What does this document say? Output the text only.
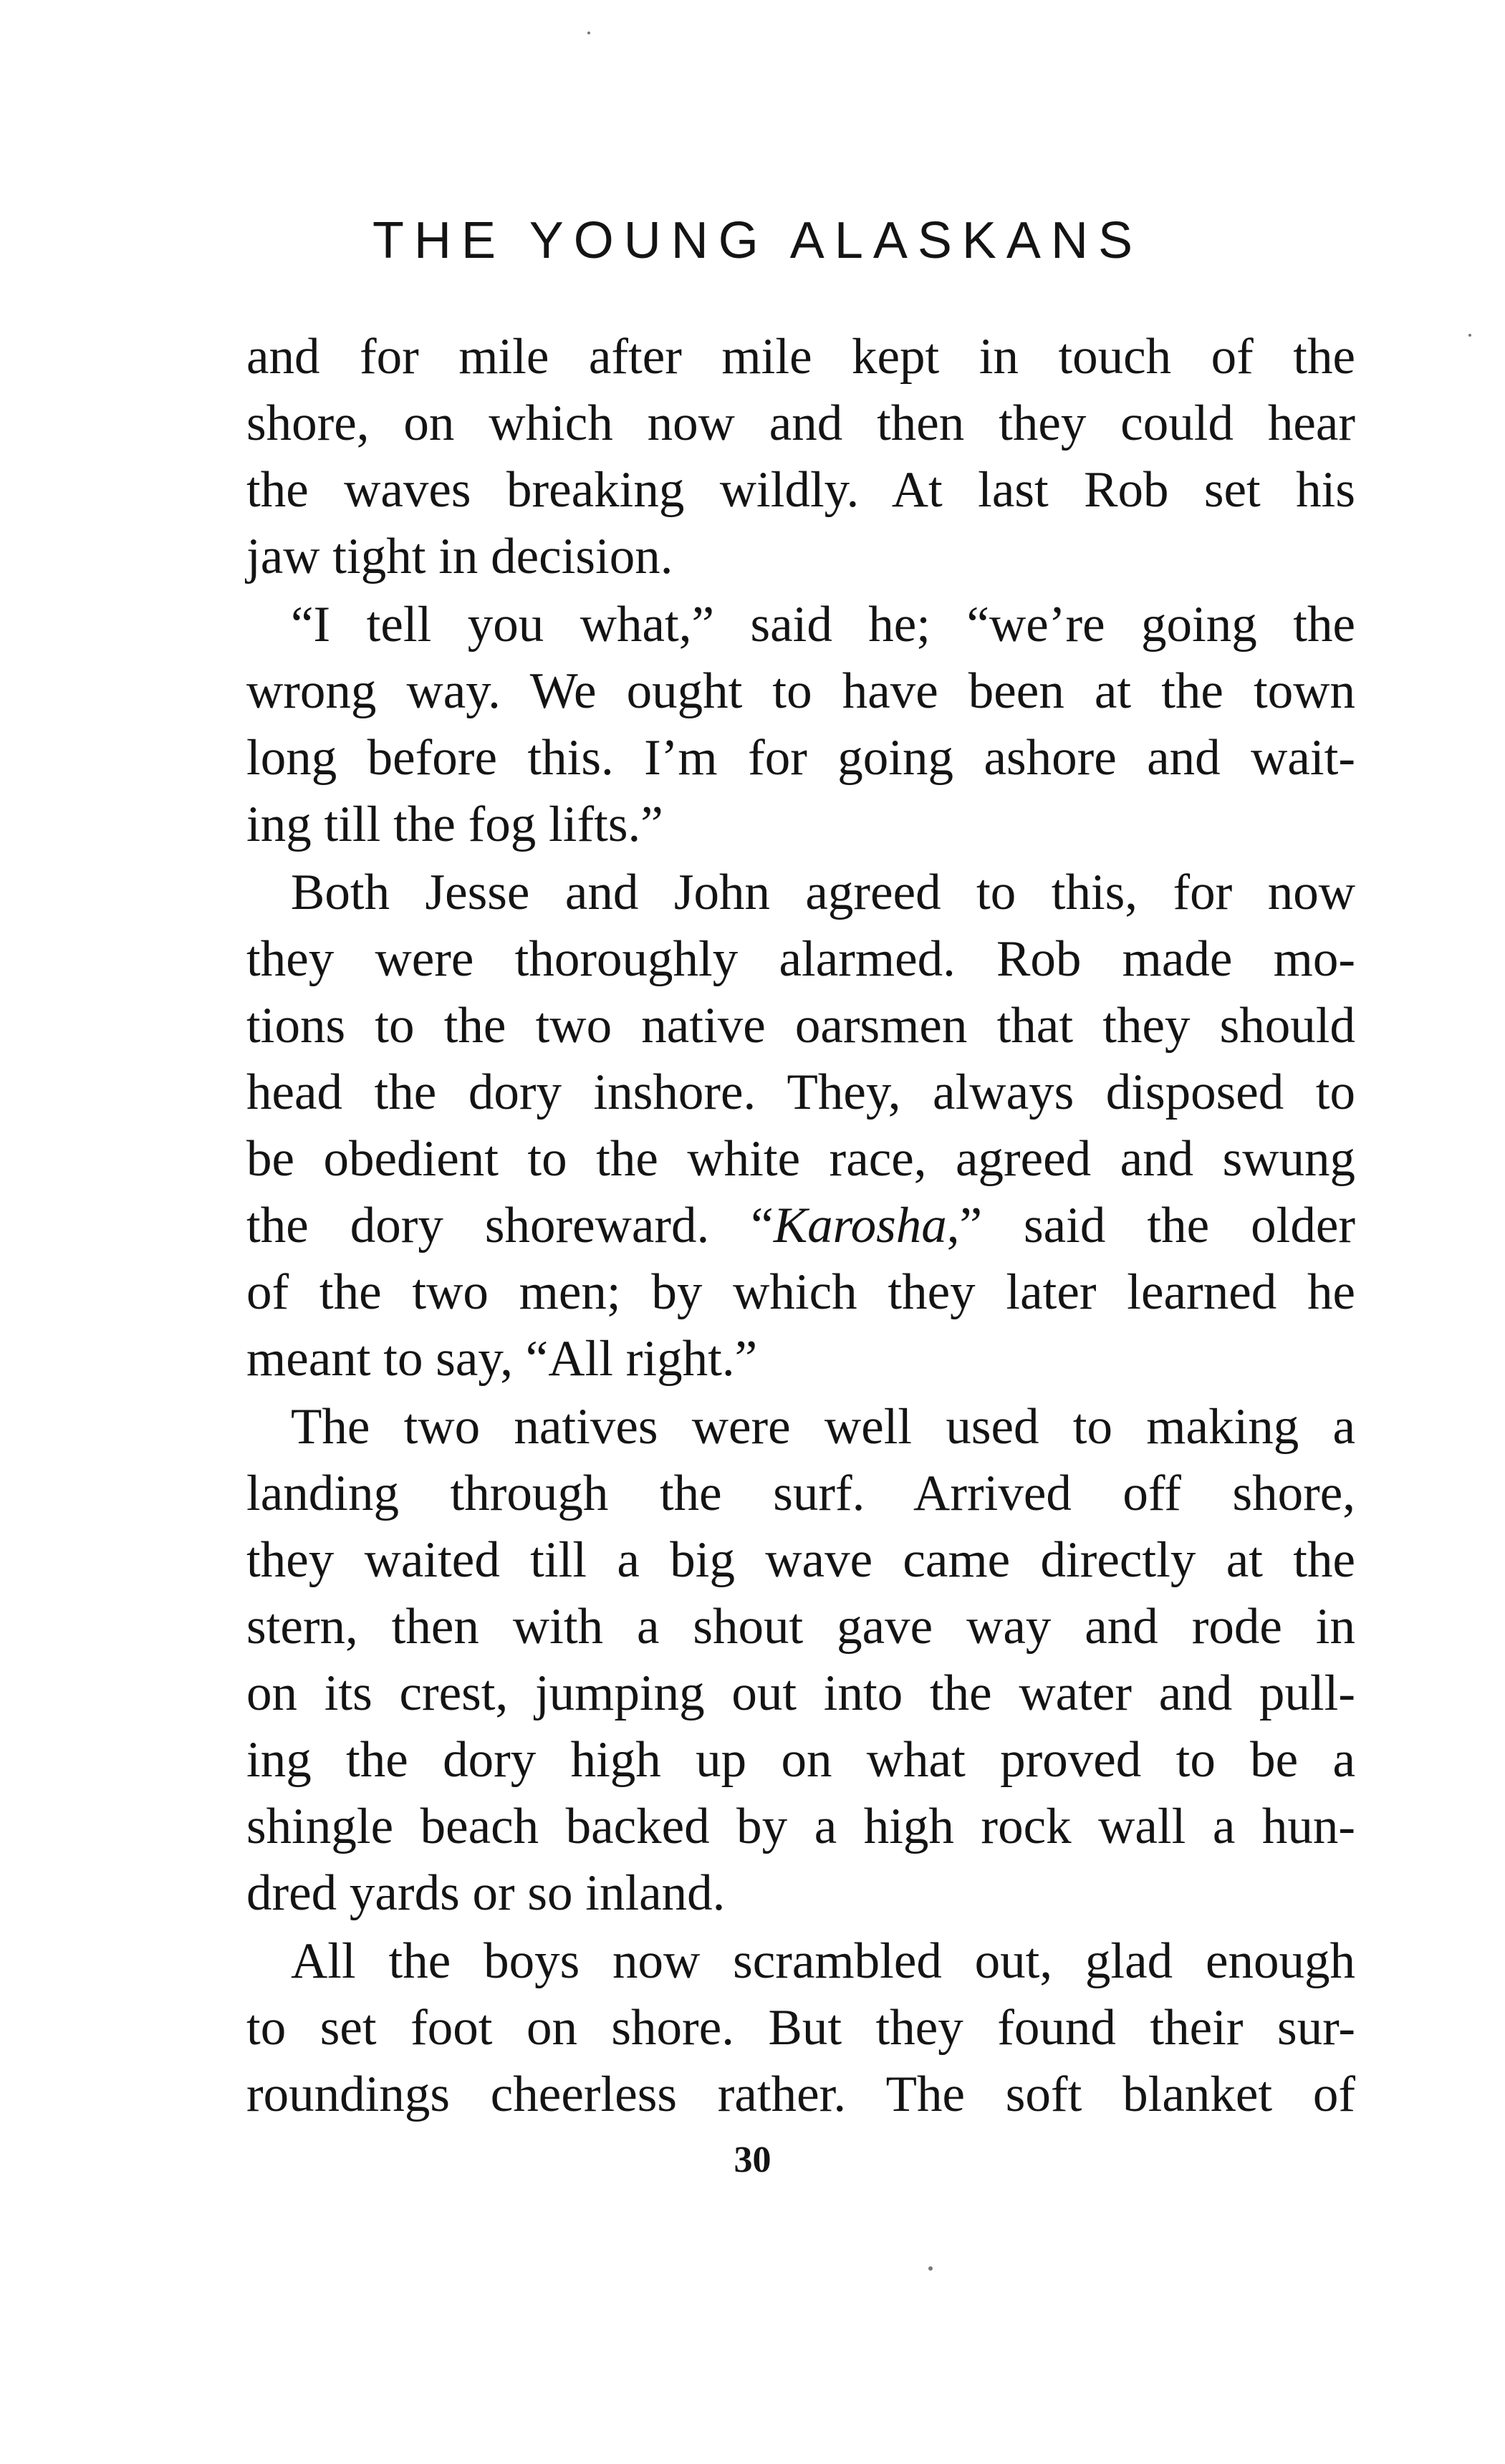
THE YOUNG ALASKANS
and for mile after mile kept in touch of the
shore, on which now and then they could hear
the waves breaking wildly. At last Rob set his
jaw tight in decision.
“I tell you what,” said he; “we’re going the
wrong way. We ought to have been at the town
long before this. I’m for going ashore and wait-
ing till the fog lifts.”
Both Jesse and John agreed to this, for now
they were thoroughly alarmed. Rob made mo-
tions to the two native oarsmen that they should
head the dory inshore. They, always disposed to
be obedient to the white race, agreed and swung
the dory shoreward. “Karosha,” said the older
of the two men; by which they later learned he
meant to say, “All right.”
The two natives were well used to making a
landing through the surf. Arrived off shore,
they waited till a big wave came directly at the
stern, then with a shout gave way and rode in
on its crest, jumping out into the water and pull-
ing the dory high up on what proved to be a
shingle beach backed by a high rock wall a hun-
dred yards or so inland.
All the boys now scrambled out, glad enough
to set foot on shore. But they found their sur-
roundings cheerless rather. The soft blanket of
30
